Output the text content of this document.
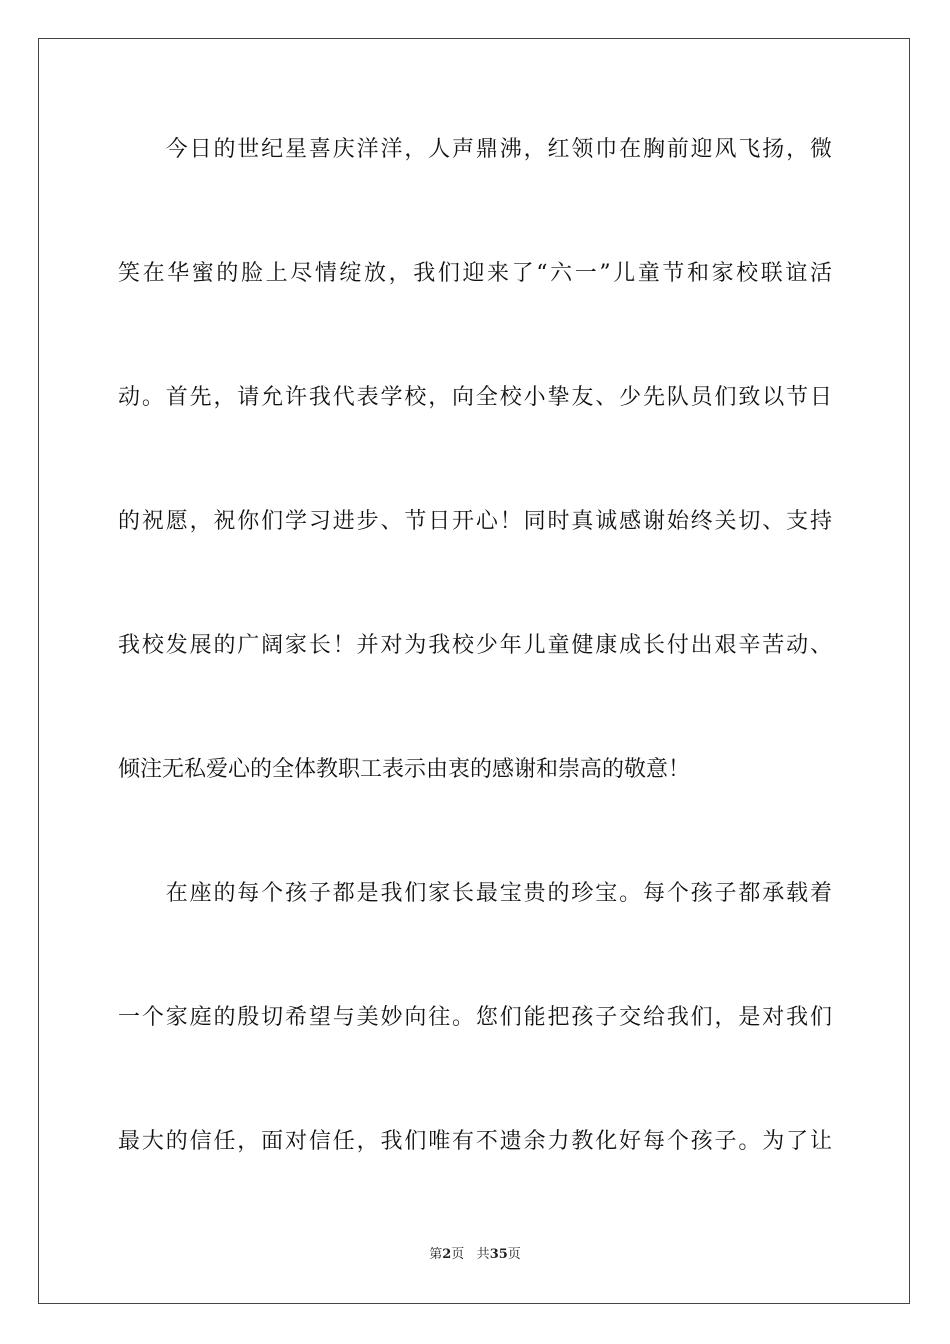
　　今日的世纪星喜庆洋洋，人声鼎沸，红领巾在胸前迎风飞扬，微
笑在华蜜的脸上尽情绽放，我们迎来了“六一”儿童节和家校联谊活
动。首先，请允许我代表学校，向全校小挚友、少先队员们致以节日
的祝愿，祝你们学习进步、节日开心！同时真诚感谢始终关切、支持
我校发展的广阔家长！并对为我校少年儿童健康成长付出艰辛苦动、
倾注无私爱心的全体教职工表示由衷的感谢和崇高的敬意！
　　在座的每个孩子都是我们家长最宝贵的珍宝。每个孩子都承载着
一个家庭的殷切希望与美妙向往。您们能把孩子交给我们，是对我们
最大的信任，面对信任，我们唯有不遗余力教化好每个孩子。为了让
第2页 共35页
